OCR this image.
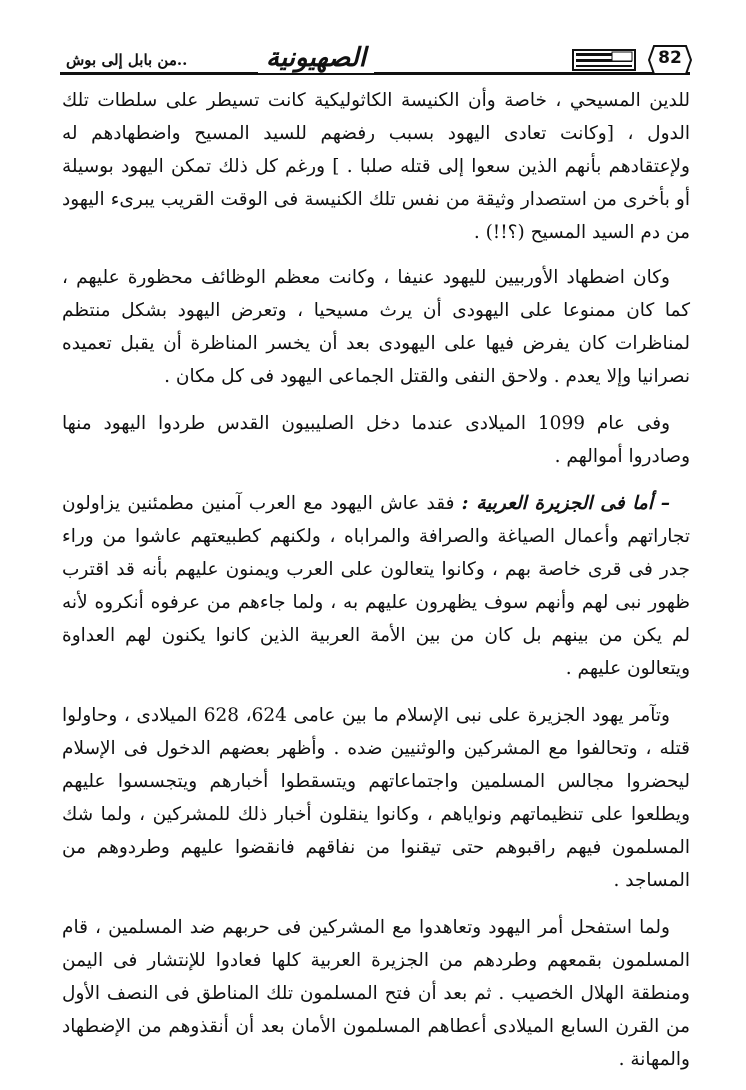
..من بابل إلى بوش	الصهيونية	82

للدين المسيحي ، خاصة وأن الكنيسة الكاثوليكية كانت تسيطر على سلطات تلك الدول ، [وكانت تعادى اليهود بسبب رفضهم للسيد المسيح واضطهادهم له ولإعتقادهم بأنهم الذين سعوا إلى قتله صلبا . ] ورغم كل ذلك تمكن اليهود بوسيلة أو بأخرى من استصدار وثيقة من نفس تلك الكنيسة فى الوقت القريب يبرىء اليهود من دم السيد المسيح (؟!!) .

وكان اضطهاد الأوربيين لليهود عنيفا ، وكانت معظم الوظائف محظورة عليهم ، كما كان ممنوعا على اليهودى أن يرث مسيحيا ، وتعرض اليهود بشكل منتظم لمناظرات كان يفرض فيها على اليهودى بعد أن يخسر المناظرة أن يقبل تعميده نصرانيا وإلا يعدم . ولاحق النفى والقتل الجماعى اليهود فى كل مكان .

وفى عام 1099 الميلادى عندما دخل الصليبيون القدس طردوا اليهود منها وصادروا أموالهم .

– أما فى الجزيرة العربية : فقد عاش اليهود مع العرب آمنين مطمئنين يزاولون تجاراتهم وأعمال الصياغة والصرافة والمراباه ، ولكنهم كطبيعتهم عاشوا من وراء جدر فى قرى خاصة بهم ، وكانوا يتعالون على العرب ويمنون عليهم بأنه قد اقترب ظهور نبى لهم وأنهم سوف يظهرون عليهم به ، ولما جاءهم من عرفوه أنكروه لأنه لم يكن من بينهم بل كان من بين الأمة العربية الذين كانوا يكنون لهم العداوة ويتعالون عليهم .

وتآمر يهود الجزيرة على نبى الإسلام ما بين عامى 624، 628 الميلادى ، وحاولوا قتله ، وتحالفوا مع المشركين والوثنيين ضده . وأظهر بعضهم الدخول فى الإسلام ليحضروا مجالس المسلمين واجتماعاتهم ويتسقطوا أخبارهم ويتجسسوا عليهم ويطلعوا على تنظيماتهم ونواياهم ، وكانوا ينقلون أخبار ذلك للمشركين ، ولما شك المسلمون فيهم راقبوهم حتى تيقنوا من نفاقهم فانقضوا عليهم وطردوهم من المساجد .

ولما استفحل أمر اليهود وتعاهدوا مع المشركين فى حربهم ضد المسلمين ، قام المسلمون بقمعهم وطردهم من الجزيرة العربية كلها فعادوا للإنتشار فى اليمن ومنطقة الهلال الخصيب . ثم بعد أن فتح المسلمون تلك المناطق فى النصف الأول من القرن السابع الميلادى أعطاهم المسلمون الأمان بعد أن أنقذوهم من الإضطهاد والمهانة .
